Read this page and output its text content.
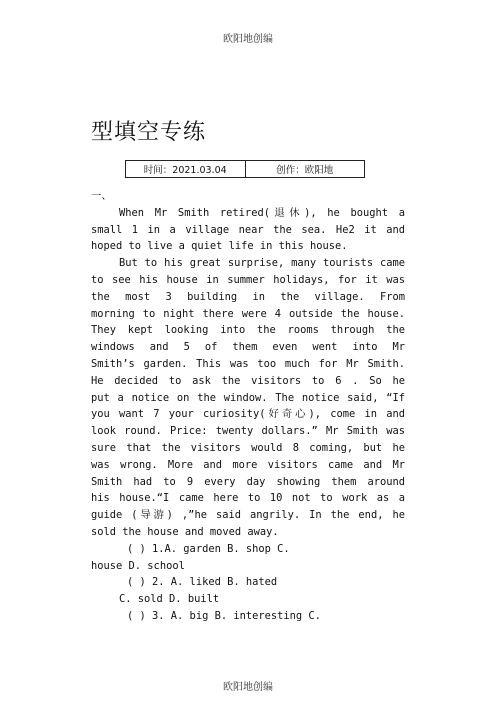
欧阳地创编
型填空专练
时间：2021.03.04	创作：欧阳地

一、

When Mr Smith retired(退休), he bought a

small 1 in a village near the sea. He2 it and

hoped to live a quiet life in this house.

But to his great surprise, many tourists came

to see his house in summer holidays, for it was

the most 3 building in the village. From

morning to night there were 4 outside the house.

They kept looking into the rooms through the

windows and 5 of them even went into Mr

Smith’s garden. This was too much for Mr Smith.

He decided to ask the visitors to 6 . So he

put a notice on the window. The notice said, “If

you want 7 your curiosity(好奇心), come in and

look round. Price: twenty dollars.” Mr Smith was

sure that the visitors would 8 coming, but he

was wrong. More and more visitors came and Mr

Smith had to 9 every day showing them around

his house.“I came here to 10 not to work as a

guide (导游) ,”he said angrily. In the end, he

sold the house and moved away.

( ) 1.A. garden B. shop C.

house D. school

( ) 2. A. liked B. hated

C. sold D. built

( ) 3. A. big B. interesting C.

欧阳地创编
